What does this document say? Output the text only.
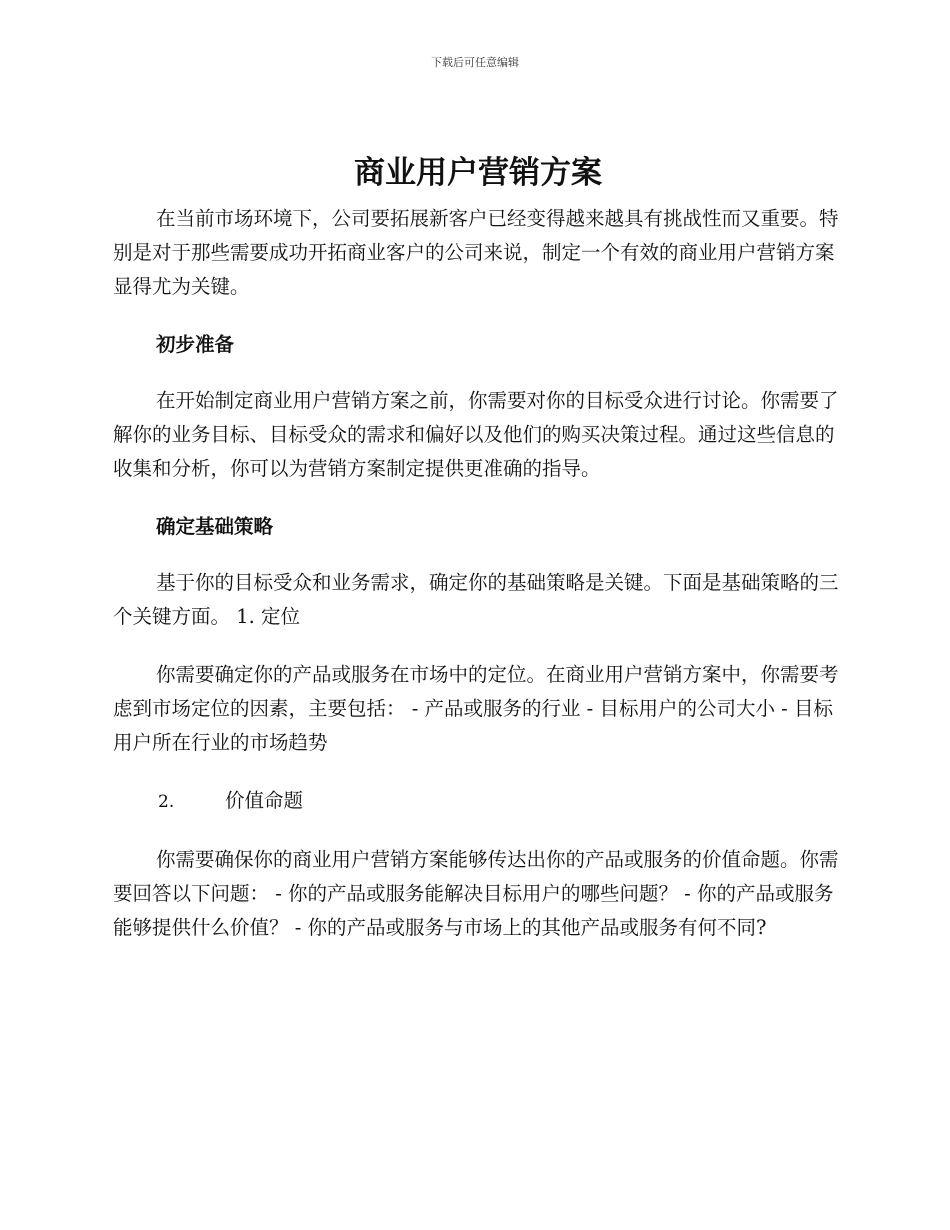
下载后可任意编辑
商业用户营销方案

在当前市场环境下，公司要拓展新客户已经变得越来越具有挑战性而又重要。特别是对于那些需要成功开拓商业客户的公司来说，制定一个有效的商业用户营销方案显得尤为关键。

初步准备

在开始制定商业用户营销方案之前，你需要对你的目标受众进行讨论。你需要了解你的业务目标、目标受众的需求和偏好以及他们的购买决策过程。通过这些信息的收集和分析，你可以为营销方案制定提供更准确的指导。

确定基础策略

基于你的目标受众和业务需求，确定你的基础策略是关键。下面是基础策略的三个关键方面。 1. 定位

你需要确定你的产品或服务在市场中的定位。在商业用户营销方案中，你需要考虑到市场定位的因素，主要包括： - 产品或服务的行业 - 目标用户的公司大小 - 目标用户所在行业的市场趋势

2.	价值命题

你需要确保你的商业用户营销方案能够传达出你的产品或服务的价值命题。你需要回答以下问题： - 你的产品或服务能解决目标用户的哪些问题？ - 你的产品或服务能够提供什么价值？ - 你的产品或服务与市场上的其他产品或服务有何不同?
